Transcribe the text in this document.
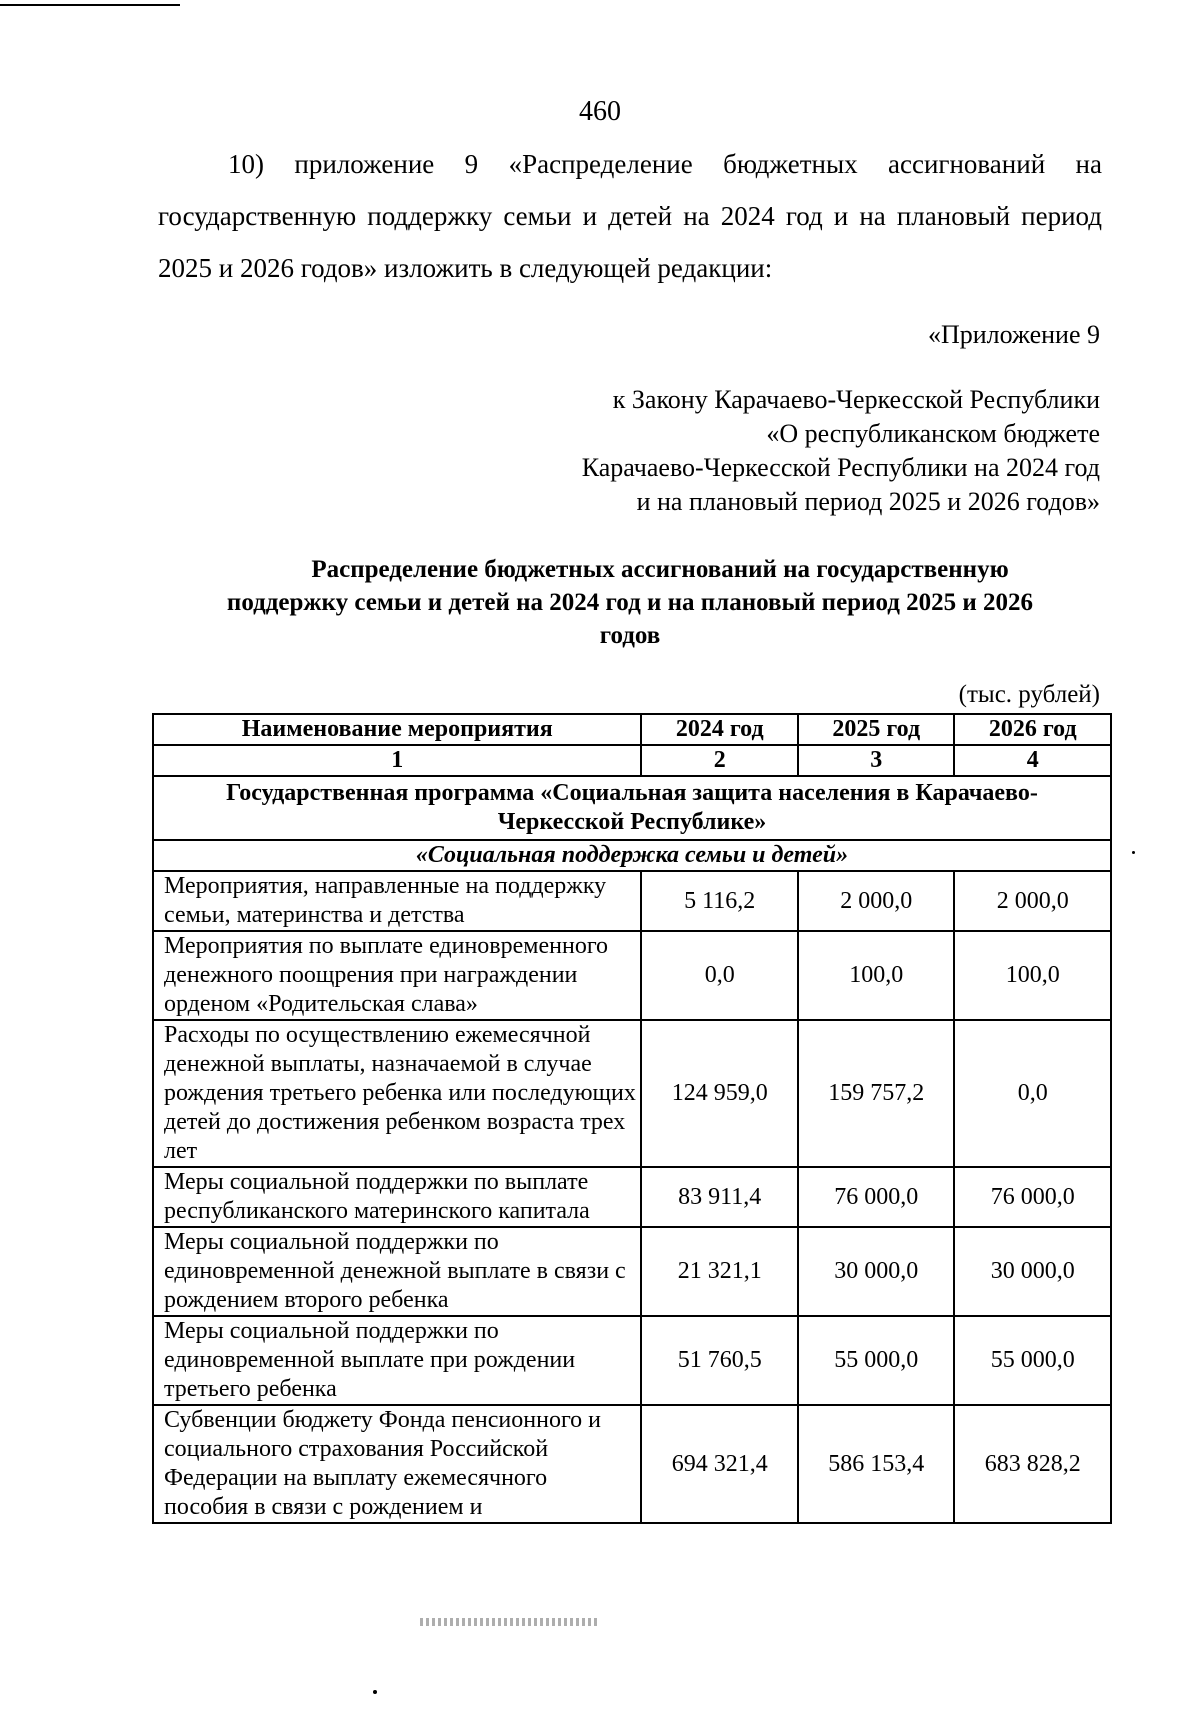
460
10) приложение 9 «Распределение бюджетных ассигнований на государственную поддержку семьи и детей на 2024 год и на плановый период 2025 и 2026 годов» изложить в следующей редакции:
«Приложение 9
к Закону Карачаево-Черкесской Республики
«О республиканском бюджете
Карачаево-Черкесской Республики на 2024 год
и на плановый период 2025 и 2026 годов»
Распределение бюджетных ассигнований на государственную
поддержку семьи и детей на 2024 год и на плановый период 2025 и 2026
годов
(тыс. рублей)
Наименование мероприятия	2024 год	2025 год	2026 год
1	2	3	4
Государственная программа «Социальная защита населения в Карачаево-Черкесской Республике»			
«Социальная поддержка семьи и детей»			
Мероприятия, направленные на поддержку семьи, материнства и детства	5 116,2	2 000,0	2 000,0
Мероприятия по выплате единовременного денежного поощрения при награждении орденом «Родительская слава»	0,0	100,0	100,0
Расходы по осуществлению ежемесячной денежной выплаты, назначаемой в случае рождения третьего ребенка или последующих детей до достижения ребенком возраста трех лет	124 959,0	159 757,2	0,0
Меры социальной поддержки по выплате республиканского материнского капитала	83 911,4	76 000,0	76 000,0
Меры социальной поддержки по единовременной денежной выплате в связи с рождением второго ребенка	21 321,1	30 000,0	30 000,0
Меры социальной поддержки по единовременной выплате при рождении третьего ребенка	51 760,5	55 000,0	55 000,0
Субвенции бюджету Фонда пенсионного и социального страхования Российской Федерации на выплату ежемесячного пособия в связи с рождением и	694 321,4	586 153,4	683 828,2
